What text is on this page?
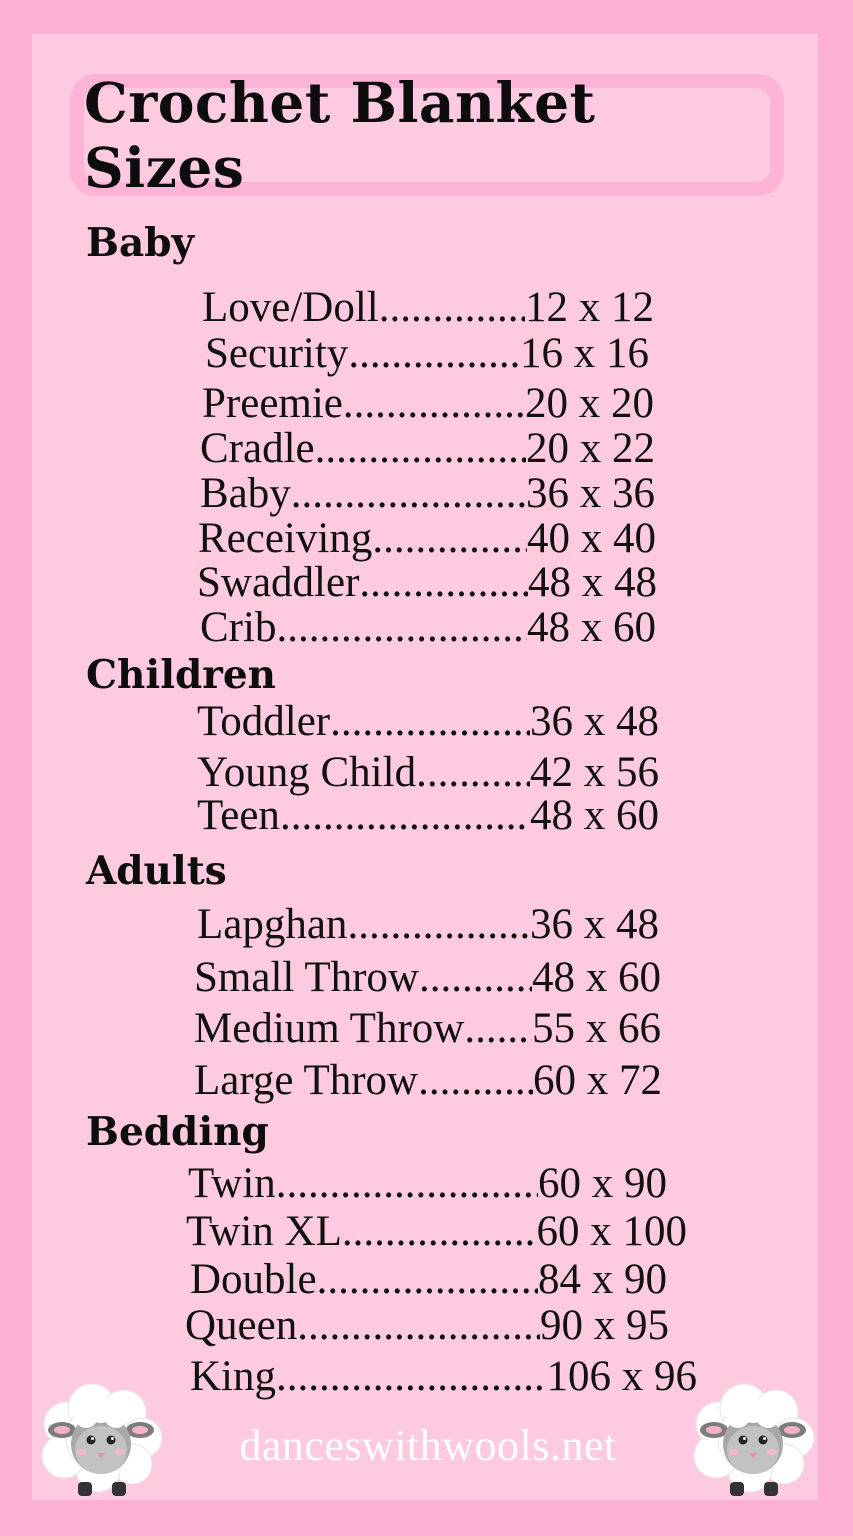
Crochet Blanket Sizes
Baby
Love/Doll .....	12 x 12
Security .....	16 x 16
Preemie .....	20 x 20
Cradle .....	20 x 22
Baby .....	36 x 36
Receiving .....	40 x 40
Swaddler .....	48 x 48
Crib .....	48 x 60
Children
Toddler .....	36 x 48
Young Child .....	42 x 56
Teen .....	48 x 60
Adults
Lapghan .....	36 x 48
Small Throw .....	48 x 60
Medium Throw ..... 55 x 66
Large Throw .....	60 x 72
Bedding
Twin .....	60 x 90
Twin XL .....	60 x 100
Double .....	84 x 90
Queen .....	90 x 95
King .....	106 x 96
danceswithwools.net
